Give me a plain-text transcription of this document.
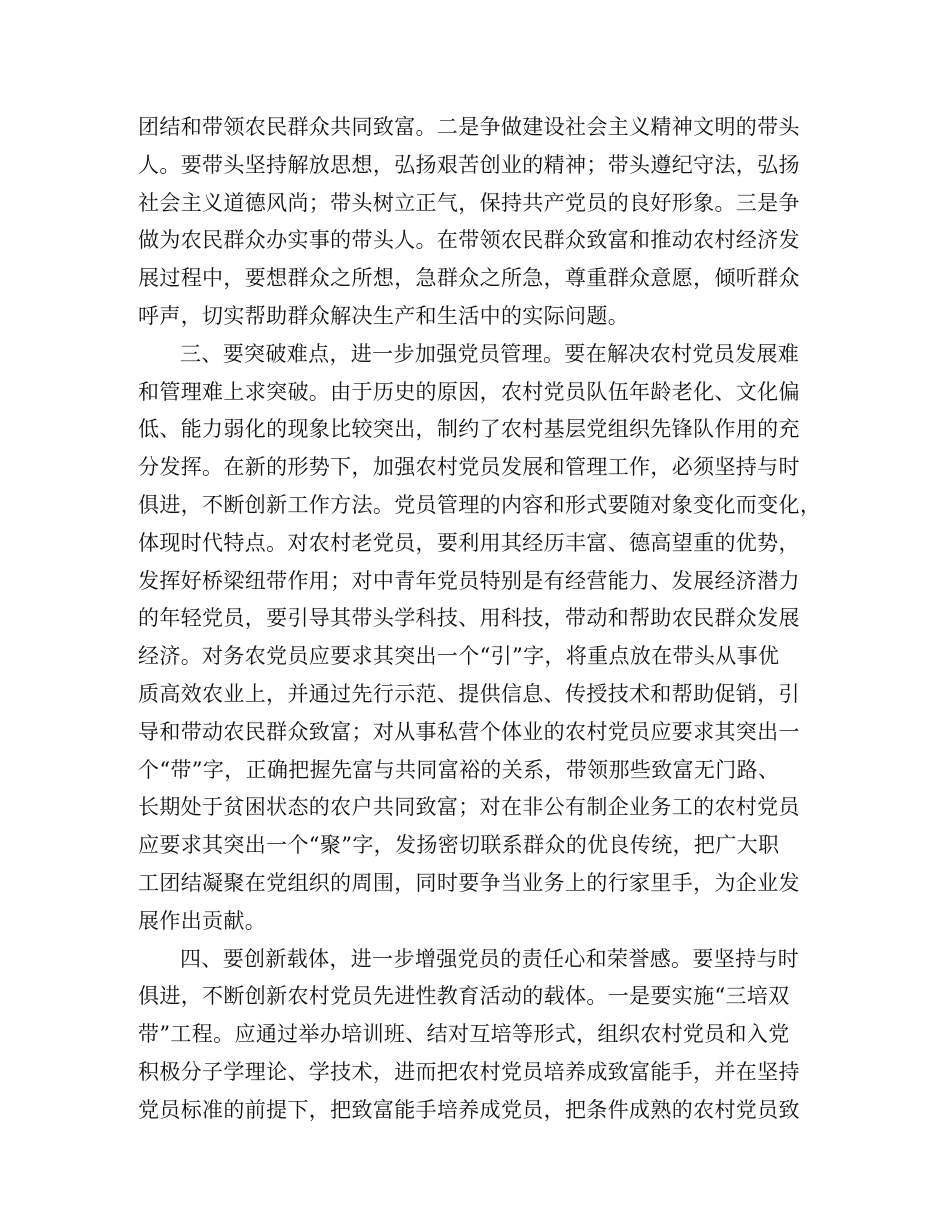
团结和带领农民群众共同致富。二是争做建设社会主义精神文明的带头
人。要带头坚持解放思想，弘扬艰苦创业的精神；带头遵纪守法，弘扬
社会主义道德风尚；带头树立正气，保持共产党员的良好形象。三是争
做为农民群众办实事的带头人。在带领农民群众致富和推动农村经济发
展过程中，要想群众之所想，急群众之所急，尊重群众意愿，倾听群众
呼声，切实帮助群众解决生产和生活中的实际问题。
三、要突破难点，进一步加强党员管理。要在解决农村党员发展难
和管理难上求突破。由于历史的原因，农村党员队伍年龄老化、文化偏
低、能力弱化的现象比较突出，制约了农村基层党组织先锋队作用的充
分发挥。在新的形势下，加强农村党员发展和管理工作，必须坚持与时
俱进，不断创新工作方法。党员管理的内容和形式要随对象变化而变化，
体现时代特点。对农村老党员，要利用其经历丰富、德高望重的优势，
发挥好桥梁纽带作用；对中青年党员特别是有经营能力、发展经济潜力
的年轻党员，要引导其带头学科技、用科技，带动和帮助农民群众发展
经济。对务农党员应要求其突出一个“引”字，将重点放在带头从事优
质高效农业上，并通过先行示范、提供信息、传授技术和帮助促销，引
导和带动农民群众致富；对从事私营个体业的农村党员应要求其突出一
个“带”字，正确把握先富与共同富裕的关系，带领那些致富无门路、
长期处于贫困状态的农户共同致富；对在非公有制企业务工的农村党员
应要求其突出一个“聚”字，发扬密切联系群众的优良传统，把广大职
工团结凝聚在党组织的周围，同时要争当业务上的行家里手，为企业发
展作出贡献。
四、要创新载体，进一步增强党员的责任心和荣誉感。要坚持与时
俱进，不断创新农村党员先进性教育活动的载体。一是要实施“三培双
带”工程。应通过举办培训班、结对互培等形式，组织农村党员和入党
积极分子学理论、学技术，进而把农村党员培养成致富能手，并在坚持
党员标准的前提下，把致富能手培养成党员，把条件成熟的农村党员致
